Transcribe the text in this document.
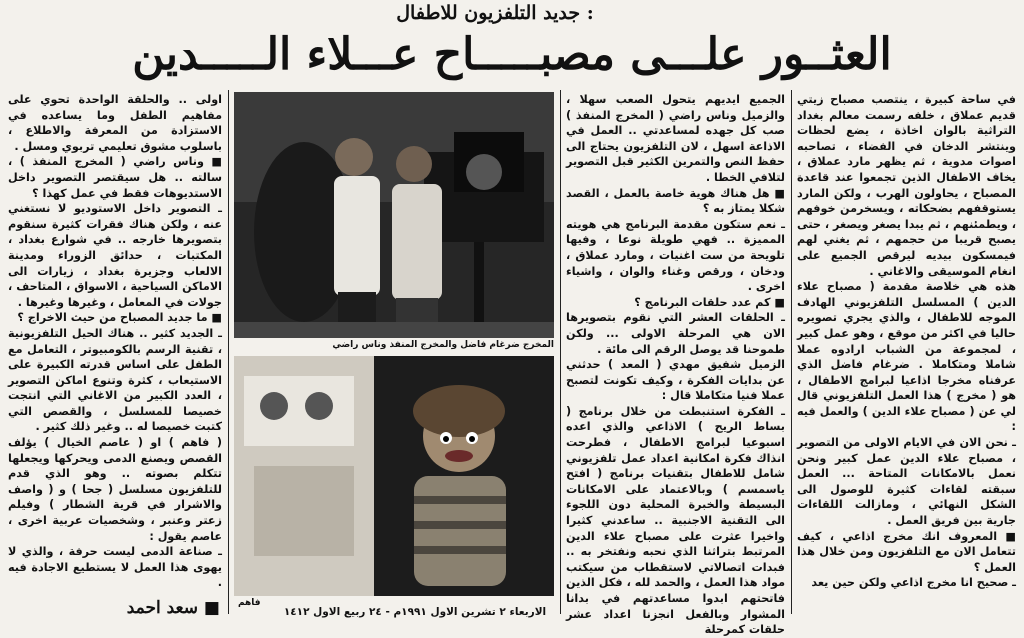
جديد التلفزيون للاطفال :
العثــور علـــى مصبـــــاح عـــلاء الـــــدين

في ساحة كبيرة ، ينتصب مصباح زيتي قديم عملاق ، خلفه رسمت معالم بغداد التراثية بالوان اخاذة ، يضع لحظات وينتشر الدخان في الفضاء ، تصاحبه اصوات مدوية ، ثم يظهر مارد عملاق ، يخاف الاطفال الذين تجمعوا عند قاعدة المصباح ، يحاولون الهرب ، ولكن المارد يستوقفهم بضحكاته ، ويسخرمن خوفهم ، ويطمئنهم ، ثم يبدا يصغر ويصغر ، حتى يصبح قريبا من حجمهم ، ثم يغني لهم فيمسكون بيديه ليرقص الجميع على انغام الموسيقى والاغاني .

هذه هي خلاصة مقدمة ( مصباح علاء الدين ) المسلسل التلفزيوني الهادف الموجه للاطفال ، والذي يجري تصويره حاليا في اكثر من موقع ، وهو عمل كبير ، لمجموعة من الشباب ارادوه عملا شاملا ومتكاملا . ضرغام فاضل الذي عرفناه مخرجا اذاعيا لبرامج الاطفال ، هو ( مخرج ) هذا العمل التلفزيوني قال لي عن ( مصباح علاء الدين ) والعمل فيه :

ـ نحن الان في الايام الاولى من التصوير ، مصباح علاء الدين عمل كبير ونحن نعمل بالامكانات المتاحة ... العمل سبقته لقاءات كثيرة للوصول الى الشكل النهائي ، ومازالت اللقاءات جارية بين فريق العمل .

■ المعروف انك مخرج اذاعي ، كيف تتعامل الان مع التلفزيون ومن خلال هذا العمل ؟

ـ صحيح انا مخرج اذاعي ولكن حين يعد

الجميع ايديهم يتحول الصعب سهلا ، والزميل وناس راضي ( المخرج المنفذ ) صب كل جهده لمساعدتي .. العمل في الاذاعة اسهل ، لان التلفزيون يحتاج الى حفظ النص والتمرين الكثير قبل التصوير لتلافي الخطا .

■ هل هناك هوية خاصة بالعمل ، القصد شكلا يمتاز به ؟

ـ نعم ستكون مقدمة البرنامج هي هويته المميزة .. فهي طويلة نوعا ، وفيها تلويحة من ست اغنيات ، ومارد عملاق ، ودخان ، ورقص وغناء والوان ، واشياء اخرى .

■ كم عدد حلقات البرنامج ؟

ـ الحلقات العشر التي نقوم بتصويرها الان هي المرحلة الاولى ... ولكن طموحنا قد يوصل الرقم الى مائة .

الزميل شفيق مهدي ( المعد ) حدثني عن بدايات الفكرة ، وكيف تكونت لتصبح عملا فنيا متكاملا قال :

ـ الفكرة استنبطت من خلال برنامج ( بساط الريح ) الاذاعي والذي اعده اسبوعيا لبرامج الاطفال ، فطرحت انذاك فكرة امكانية اعداد عمل تلفزيوني شامل للاطفال بتقنيات برنامج ( افتح ياسمسم ) وبالاعتماد على الامكانات البسيطة والخبرة المحلية دون اللجوء الى التقنية الاجنبية .. ساعدني كثيرا واخيرا عثرت على مصباح علاء الدين المرتبط بتراثنا الذي نحبه ونفتخر به .. فبدات اتصالاتي لاستقطاب من سيكتب مواد هذا العمل ، والحمد لله ، فكل الذين فاتحتهم ابدوا مساعدتهم في بدانا المشوار وبالفعل انجزنا اعداد عشر حلقات كمرحلة

المخرج ضرغام فاضل والمخرج المنفذ وناس راضي
فاهم
الاربعاء ٢ تشرين الاول ١٩٩١م - ٢٤ ربيع الاول ١٤١٢

اولى .. والحلقة الواحدة تحوي على مفاهيم الطفل وما يساعده في الاستزادة من المعرفة والاطلاع ، باسلوب مشوق تعليمي تربوي ومسل .

■ وناس راضي ( المخرج المنفذ ) ، سالته .. هل سيقتصر التصوير داخل الاستديوهات فقط في عمل كهذا ؟

ـ التصوير داخل الاستوديو لا نستغني عنه ، ولكن هناك فقرات كثيرة سنقوم بتصويرها خارجه .. في شوارع بغداد ، المكتبات ، حدائق الزوراء ومدينة الالعاب وجزيرة بغداد ، زيارات الى الاماكن السياحية ، الاسواق ، المتاحف ، جولات في المعامل ، وغيرها وغيرها .

■ ما جديد المصباح من حيث الاخراج ؟

ـ الجديد كثير .. هناك الحيل التلفزيونية ، تقنية الرسم بالكومبيوتر ، التعامل مع الطفل على اساس قدرته الكبيرة على الاستيعاب ، كثرة وتنوع اماكن التصوير ، العدد الكبير من الاغاني التي انتجت خصيصا للمسلسل ، والقصص التي كتبت خصيصا له .. وغير ذلك كثير .

( فاهم ) او ( عاصم الخيال ) يؤلف القصص ويصنع الدمى ويحركها ويجعلها تتكلم بصوته .. وهو الذي قدم للتلفزيون مسلسل ( جحا ) و ( واصف والاشرار في قرية الشطار ) وفيلم زعتر وعنبر ، وشخصيات عربية اخرى ، عاصم يقول :

ـ صناعة الدمى ليست حرفة ، والذي لا يهوى هذا العمل لا يستطيع الاجادة فيه .

■ سعد احمد
